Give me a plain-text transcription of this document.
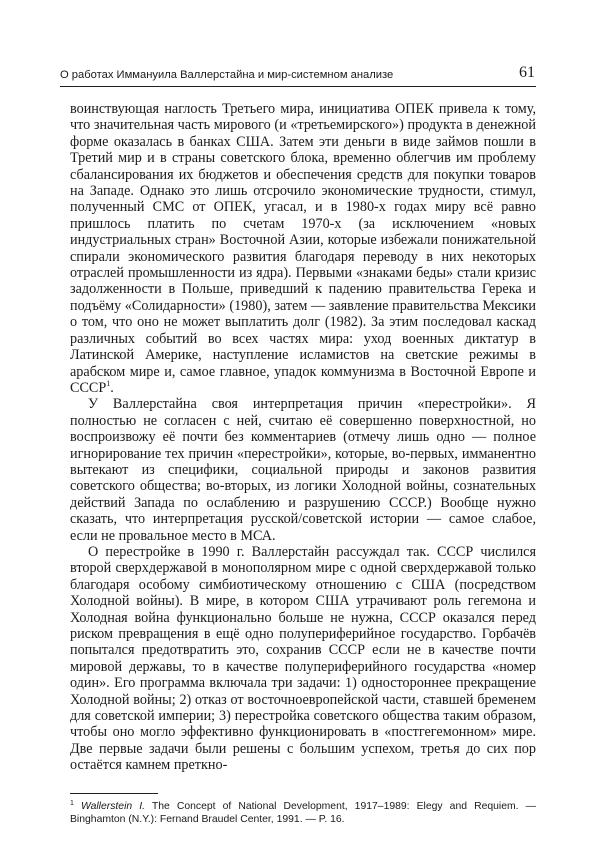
О работах Иммануила Валлерстайна и мир-системном анализе	61

воинствующая наглость Третьего мира, инициатива ОПЕК привела к тому, что значительная часть мирового (и «третьемирского») продукта в денежной форме оказалась в банках США. Затем эти деньги в виде займов пошли в Третий мир и в страны советского блока, временно облегчив им проблему сбалансирования их бюджетов и обеспечения средств для покупки товаров на Западе. Однако это лишь отсрочило экономические трудности, стимул, полученный СМС от ОПЕК, угасал, и в 1980-х годах миру всё равно пришлось платить по счетам 1970-х (за исключением «новых индустриальных стран» Восточной Азии, которые избежали понижательной спирали экономического развития благодаря переводу в них некоторых отраслей промышленности из ядра). Первыми «знаками беды» стали кризис задолженности в Польше, приведший к падению правительства Герека и подъёму «Солидарности» (1980), затем — заявление правительства Мексики о том, что оно не может выплатить долг (1982). За этим последовал каскад различных событий во всех частях мира: уход военных диктатур в Латинской Америке, наступление исламистов на светские режимы в арабском мире и, самое главное, упадок коммунизма в Восточной Европе и СССР$^1$.

У Валлерстайна своя интерпретация причин «перестройки». Я полностью не согласен с ней, считаю её совершенно поверхностной, но воспроизвожу её почти без комментариев (отмечу лишь одно — полное игнорирование тех причин «перестройки», которые, во-первых, имманентно вытекают из специфики, социальной природы и законов развития советского общества; во-вторых, из логики Холодной войны, сознательных действий Запада по ослаблению и разрушению СССР.) Вообще нужно сказать, что интерпретация русской/советской истории — самое слабое, если не провальное место в МСА.

О перестройке в 1990 г. Валлерстайн рассуждал так. СССР числился второй сверхдержавой в монополярном мире с одной сверхдержавой только благодаря особому симбиотическому отношению с США (посредством Холодной войны). В мире, в котором США утрачивают роль гегемона и Холодная война функционально больше не нужна, СССР оказался перед риском превращения в ещё одно полупериферийное государство. Горбачёв попытался предотвратить это, сохранив СССР если не в качестве почти мировой державы, то в качестве полупериферийного государства «номер один». Его программа включала три задачи: 1) одностороннее прекращение Холодной войны; 2) отказ от восточноевропейской части, ставшей бременем для советской империи; 3) перестройка советского общества таким образом, чтобы оно могло эффективно функционировать в «постгегемонном» мире. Две первые задачи были решены с большим успехом, третья до сих пор остаётся камнем преткно-

$^1$ Wallerstein I. The Concept of National Development, 1917–1989: Elegy and Requiem. — Binghamton (N.Y.): Fernand Braudel Center, 1991. — P. 16.
